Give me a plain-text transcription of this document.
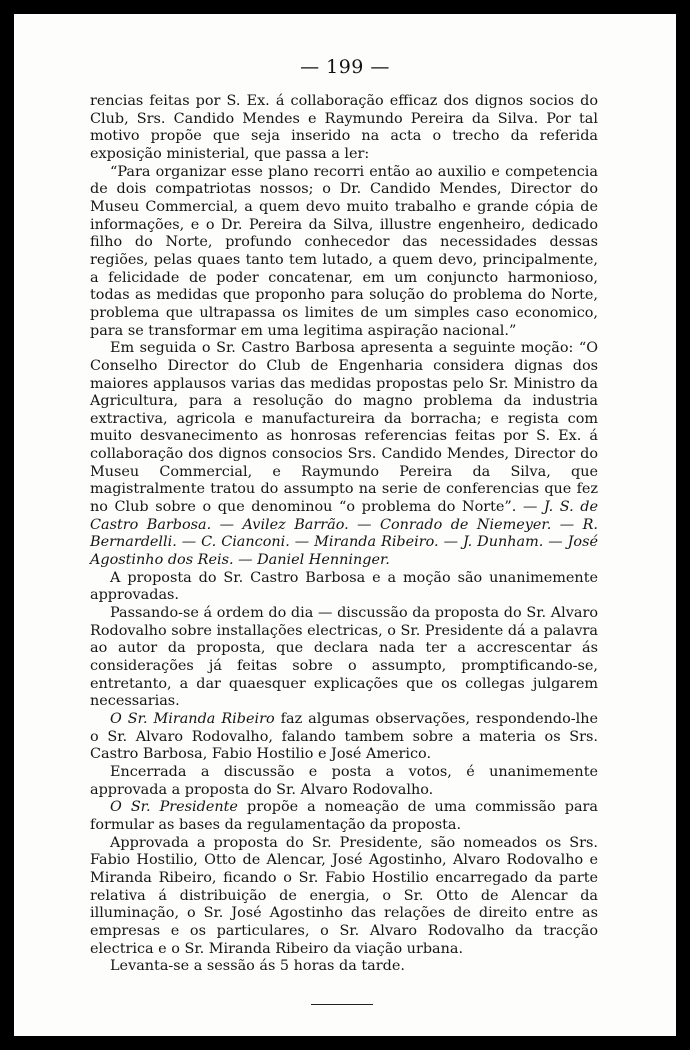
— 199 —

rencias feitas por S. Ex. á collaboração efficaz dos dignos socios do Club, Srs. Candido Mendes e Raymundo Pereira da Silva. Por tal motivo propõe que seja inserido na acta o trecho da referida exposição ministerial, que passa a ler:

“Para organizar esse plano recorri então ao auxilio e competencia de dois compatriotas nossos; o Dr. Candido Mendes, Director do Museu Commercial, a quem devo muito trabalho e grande cópia de informações, e o Dr. Pereira da Silva, illustre engenheiro, dedicado filho do Norte, profundo conhecedor das necessidades dessas regiões, pelas quaes tanto tem lutado, a quem devo, principalmente, a felicidade de poder concatenar, em um conjuncto harmonioso, todas as medidas que proponho para solução do problema do Norte, problema que ultrapassa os limites de um simples caso economico, para se transformar em uma legitima aspiração nacional.”

Em seguida o Sr. Castro Barbosa apresenta a seguinte moção: “O Conselho Director do Club de Engenharia considera dignas dos maiores applausos varias das medidas propostas pelo Sr. Ministro da Agricultura, para a resolução do magno problema da industria extractiva, agricola e manufactureira da borracha; e regista com muito desvanecimento as honrosas referencias feitas por S. Ex. á collaboração dos dignos consocios Srs. Candido Mendes, Director do Museu Commercial, e Raymundo Pereira da Silva, que magistralmente tratou do assumpto na serie de conferencias que fez no Club sobre o que denominou “o problema do Norte”. — J. S. de Castro Barbosa. — Avilez Barrão. — Conrado de Niemeyer. — R. Bernardelli. — C. Cianconi. — Miranda Ribeiro. — J. Dunham. — José Agostinho dos Reis. — Daniel Henninger.

A proposta do Sr. Castro Barbosa e a moção são unanimemente approvadas.

Passando-se á ordem do dia — discussão da proposta do Sr. Alvaro Rodovalho sobre installações electricas, o Sr. Presidente dá a palavra ao autor da proposta, que declara nada ter a accrescentar ás considerações já feitas sobre o assumpto, promptificando-se, entretanto, a dar quaesquer explicações que os collegas julgarem necessarias.

O Sr. Miranda Ribeiro faz algumas observações, respondendo-lhe o Sr. Alvaro Rodovalho, falando tambem sobre a materia os Srs. Castro Barbosa, Fabio Hostilio e José Americo.

Encerrada a discussão e posta a votos, é unanimemente approvada a proposta do Sr. Alvaro Rodovalho.

O Sr. Presidente propõe a nomeação de uma commissão para formular as bases da regulamentação da proposta.

Approvada a proposta do Sr. Presidente, são nomeados os Srs. Fabio Hostilio, Otto de Alencar, José Agostinho, Alvaro Rodovalho e Miranda Ribeiro, ficando o Sr. Fabio Hostilio encarregado da parte relativa á distribuição de energia, o Sr. Otto de Alencar da illuminação, o Sr. José Agostinho das relações de direito entre as empresas e os particulares, o Sr. Alvaro Rodovalho da tracção electrica e o Sr. Miranda Ribeiro da viação urbana.

Levanta-se a sessão ás 5 horas da tarde.
